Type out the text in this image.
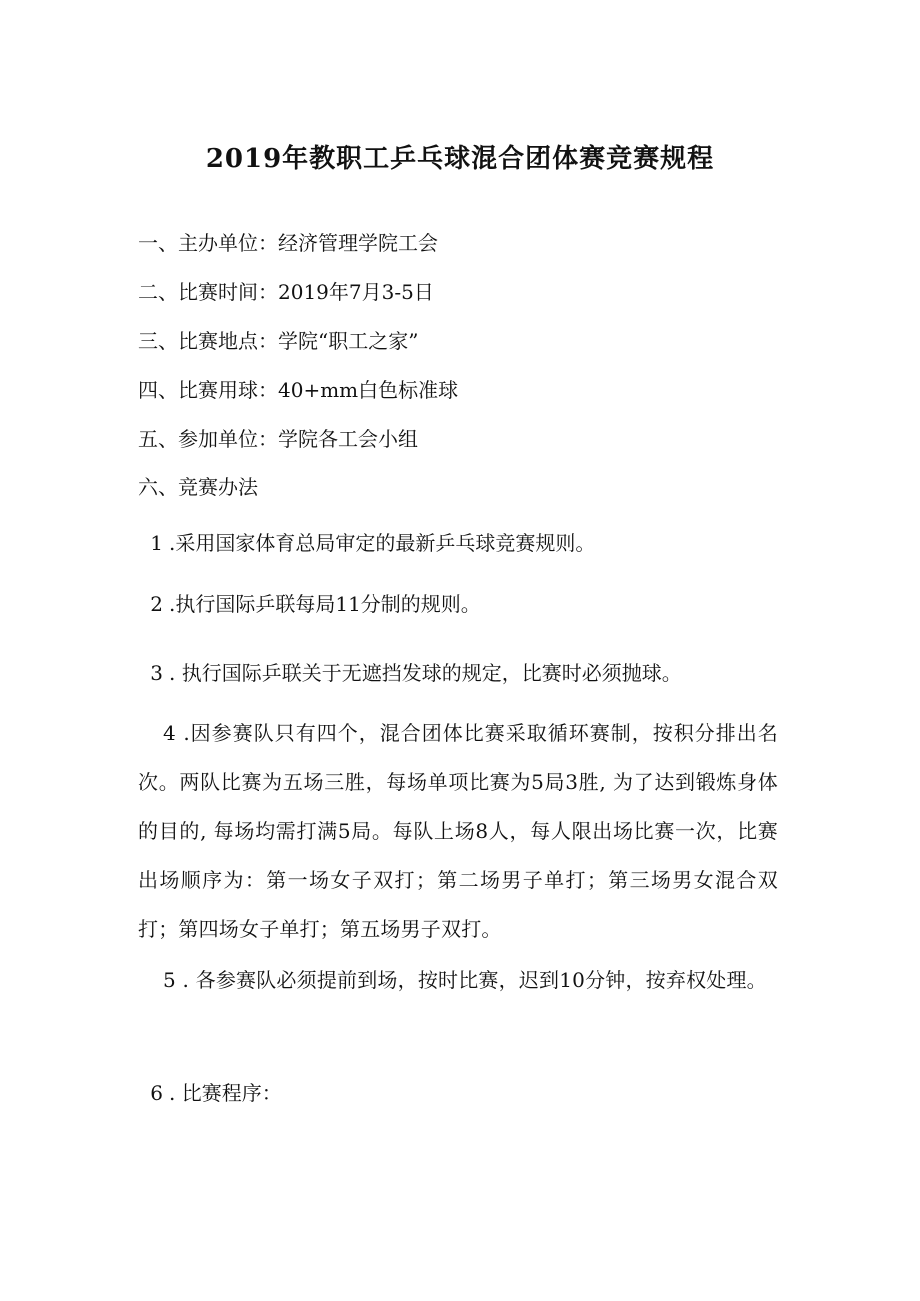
2019年教职工乒乓球混合团体赛竞赛规程
一、主办单位：经济管理学院工会
二、比赛时间：2019年7月3-5日
三、比赛地点：学院“职工之家”
四、比赛用球：40+mm白色标准球
五、参加单位：学院各工会小组
六、竞赛办法
1 .采用国家体育总局审定的最新乒乓球竞赛规则。
2 .执行国际乒联每局11分制的规则。
3 . 执行国际乒联关于无遮挡发球的规定，比赛时必须抛球。
4 .因参赛队只有四个，混合团体比赛采取循环赛制，按积分排出名次。两队比赛为五场三胜，每场单项比赛为5局3胜, 为了达到锻炼身体的目的, 每场均需打满5局。每队上场8人，每人限出场比赛一次，比赛出场顺序为：第一场女子双打；第二场男子单打；第三场男女混合双打；第四场女子单打；第五场男子双打。
5 . 各参赛队必须提前到场，按时比赛，迟到10分钟，按弃权处理。
6 . 比赛程序：
